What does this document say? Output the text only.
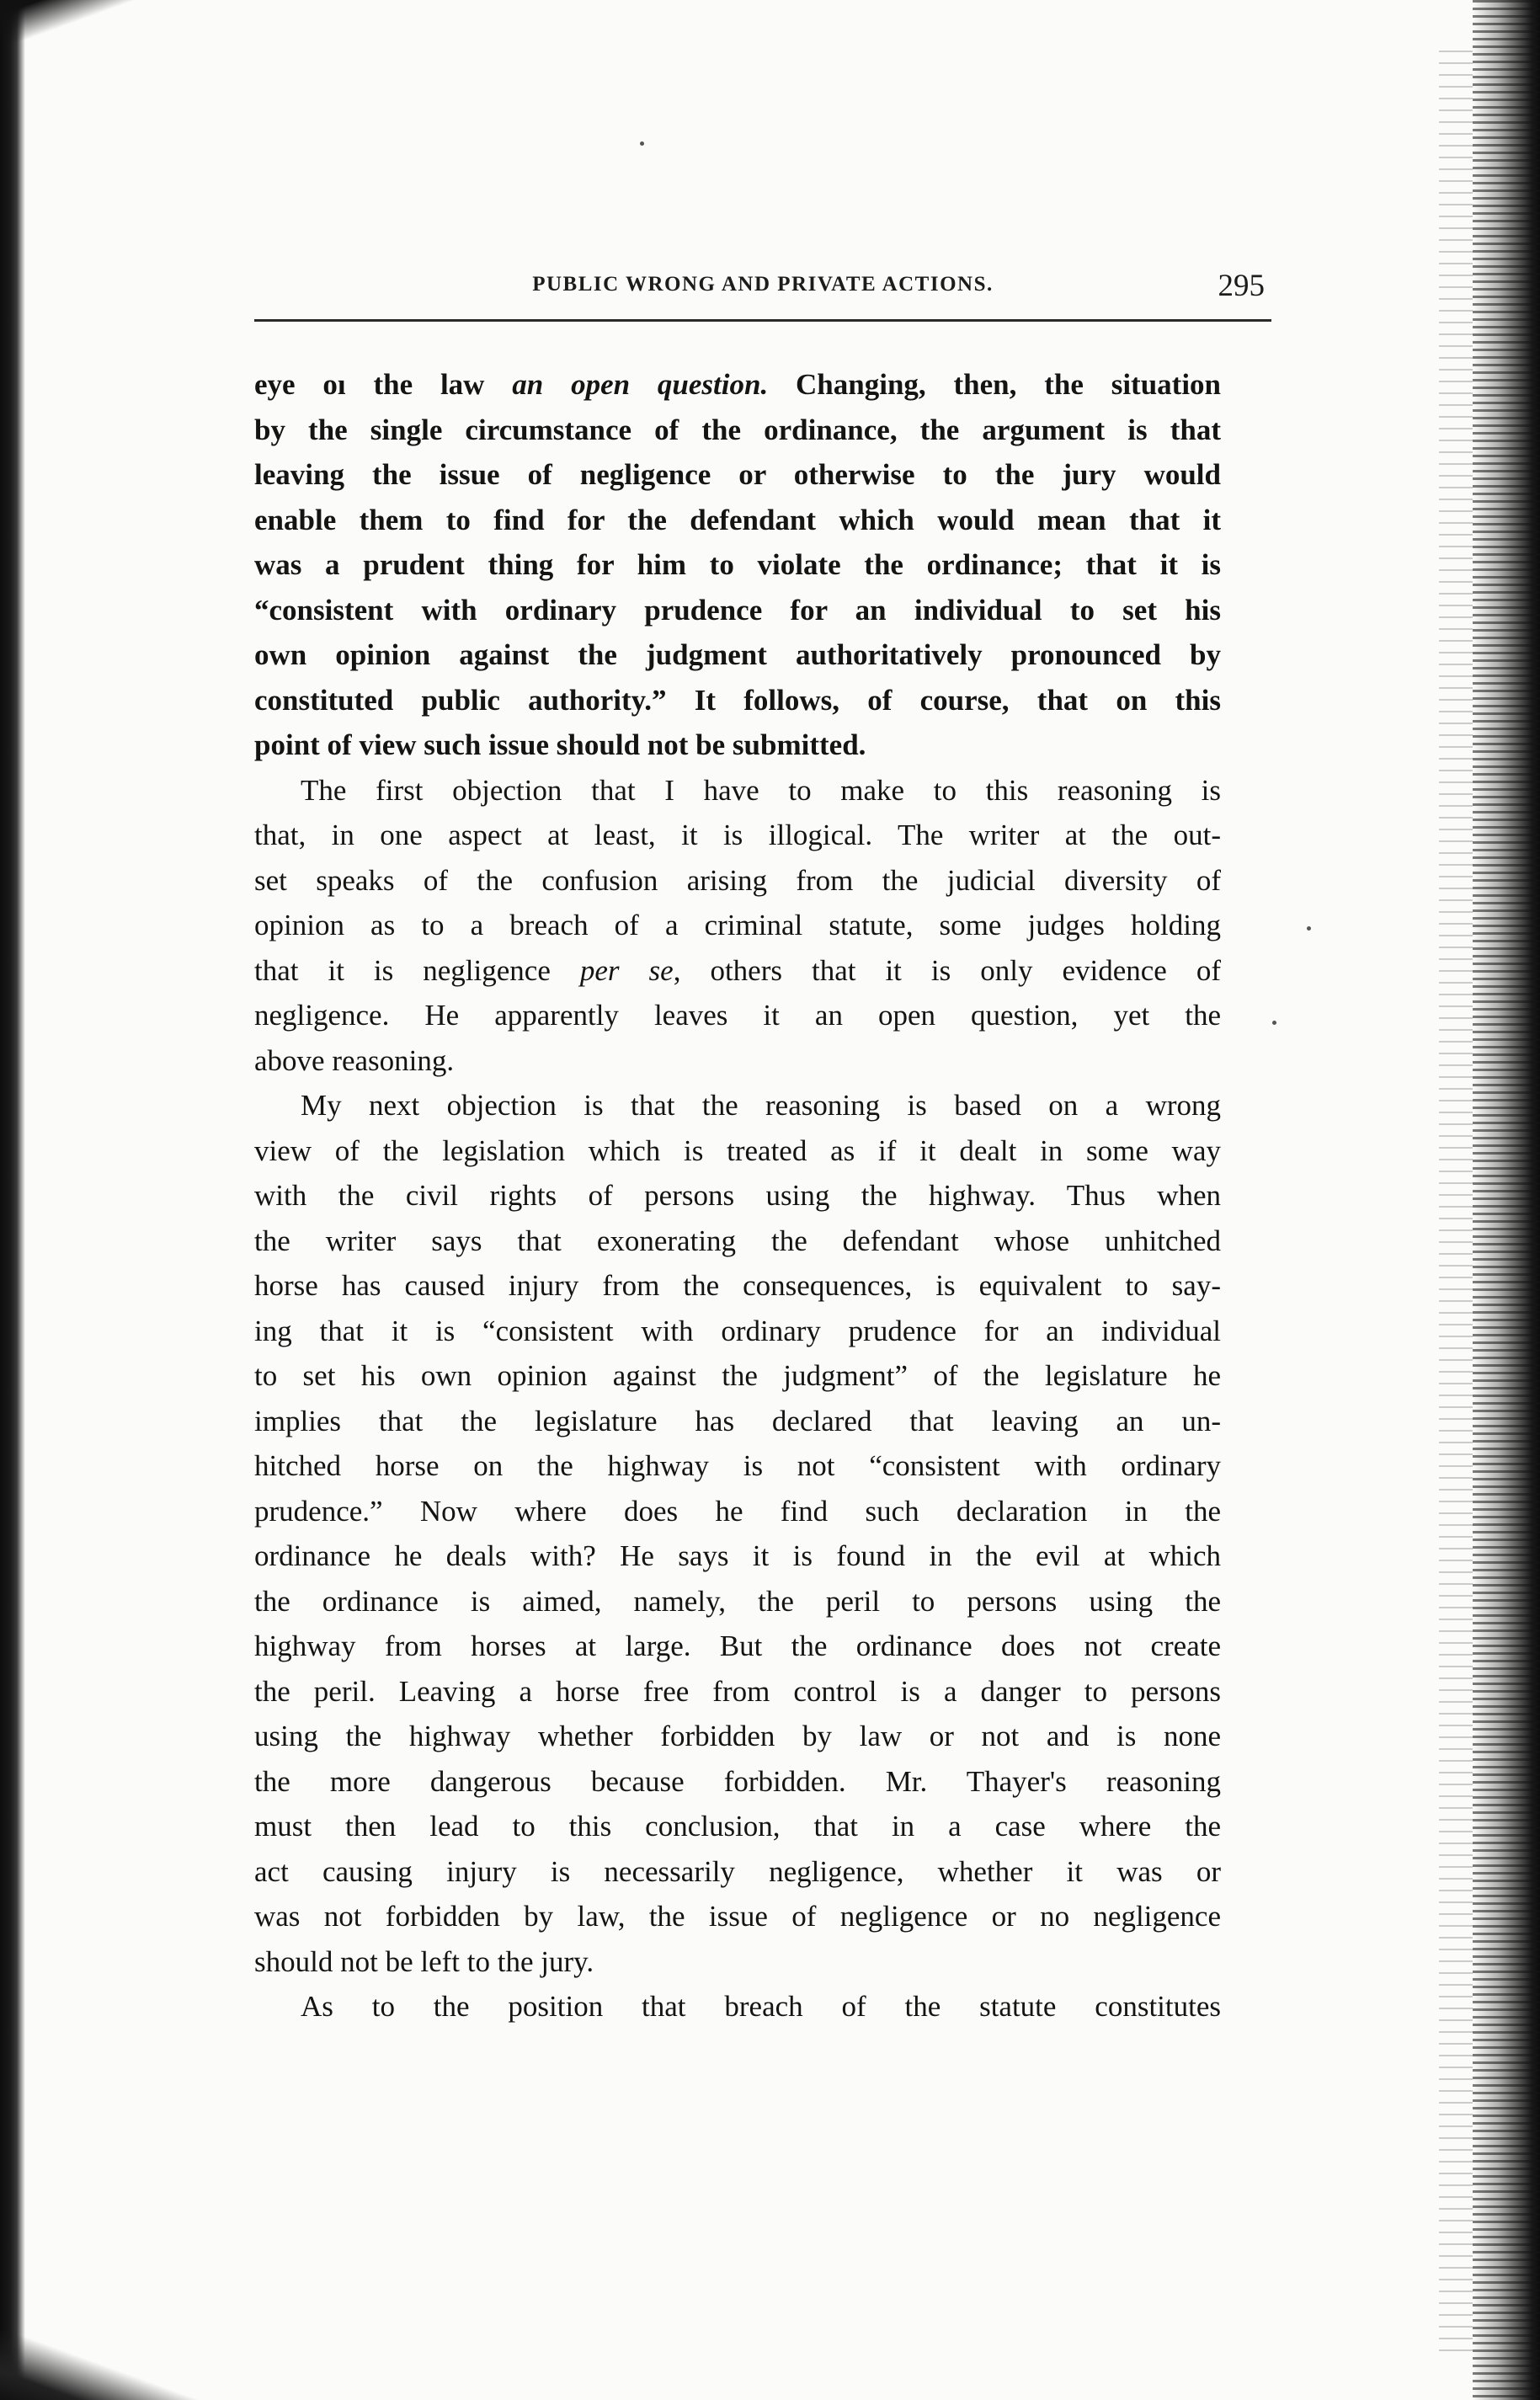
PUBLIC WRONG AND PRIVATE ACTIONS.	295
eye oı the law an open question. Changing, then, the situation
by the single circumstance of the ordinance, the argument is that
leaving the issue of negligence or otherwise to the jury would
enable them to find for the defendant which would mean that it
was a prudent thing for him to violate the ordinance; that it is
“consistent with ordinary prudence for an individual to set his
own opinion against the judgment authoritatively pronounced by
constituted public authority.” It follows, of course, that on this
point of view such issue should not be submitted.
The first objection that I have to make to this reasoning is
that, in one aspect at least, it is illogical. The writer at the out-
set speaks of the confusion arising from the judicial diversity of
opinion as to a breach of a criminal statute, some judges holding
that it is negligence per se, others that it is only evidence of
negligence. He apparently leaves it an open question, yet the
above reasoning.
My next objection is that the reasoning is based on a wrong
view of the legislation which is treated as if it dealt in some way
with the civil rights of persons using the highway. Thus when
the writer says that exonerating the defendant whose unhitched
horse has caused injury from the consequences, is equivalent to say-
ing that it is “consistent with ordinary prudence for an individual
to set his own opinion against the judgment” of the legislature he
implies that the legislature has declared that leaving an un-
hitched horse on the highway is not “consistent with ordinary
prudence.” Now where does he find such declaration in the
ordinance he deals with? He says it is found in the evil at which
the ordinance is aimed, namely, the peril to persons using the
highway from horses at large. But the ordinance does not create
the peril. Leaving a horse free from control is a danger to persons
using the highway whether forbidden by law or not and is none
the more dangerous because forbidden. Mr. Thayer's reasoning
must then lead to this conclusion, that in a case where the
act causing injury is necessarily negligence, whether it was or
was not forbidden by law, the issue of negligence or no negligence
should not be left to the jury.
As to the position that breach of the statute constitutes
